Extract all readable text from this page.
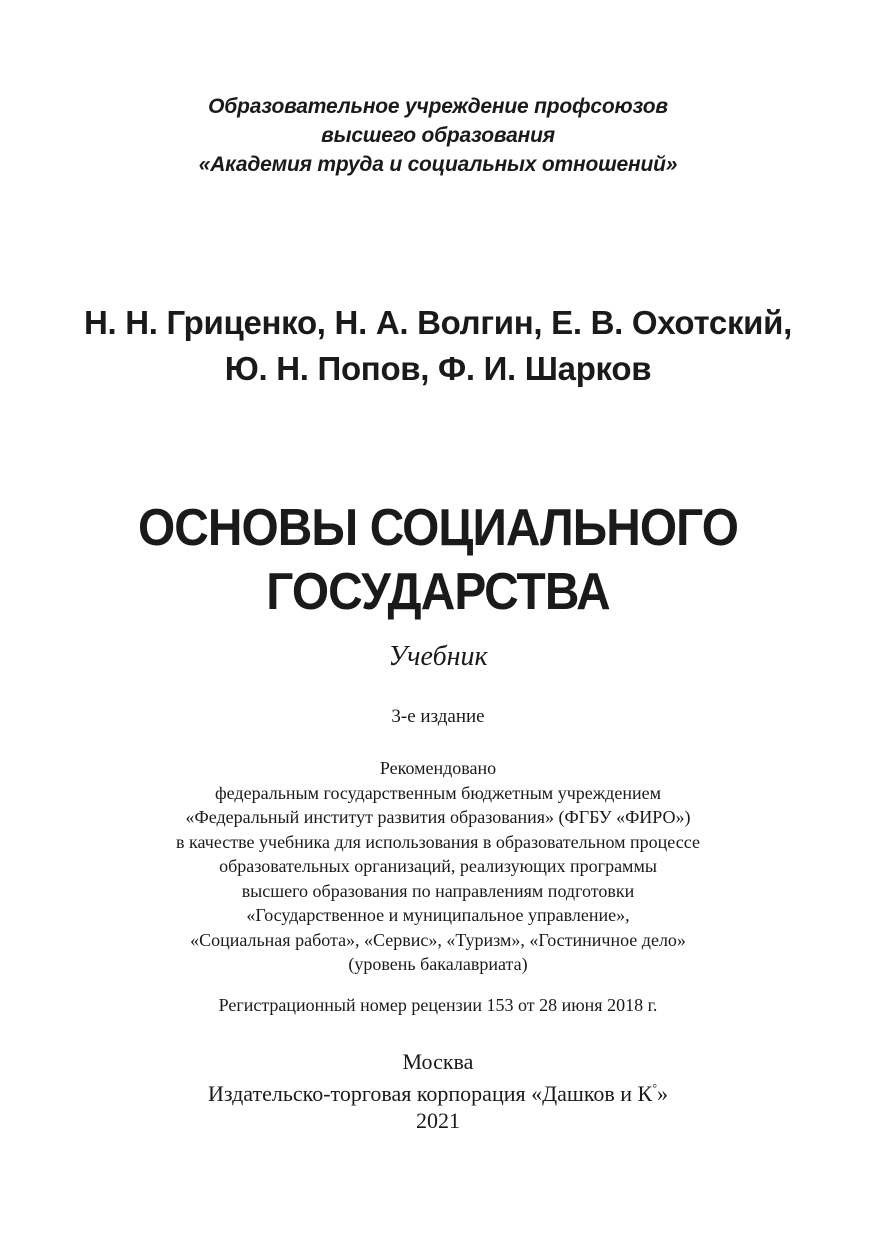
Образовательное учреждение профсоюзов
высшего образования
«Академия труда и социальных отношений»
Н. Н. Гриценко, Н. А. Волгин, Е. В. Охотский,
Ю. Н. Попов, Ф. И. Шарков
ОСНОВЫ СОЦИАЛЬНОГО
ГОСУДАРСТВА
Учебник
3-е издание
Рекомендовано
федеральным государственным бюджетным учреждением
«Федеральный институт развития образования» (ФГБУ «ФИРО»)
в качестве учебника для использования в образовательном процессе
образовательных организаций, реализующих программы
высшего образования по направлениям подготовки
«Государственное и муниципальное управление»,
«Социальная работа», «Сервис», «Туризм», «Гостиничное дело»
(уровень бакалавриата)
Регистрационный номер рецензии 153 от 28 июня 2018 г.
Москва
Издательско-торговая корпорация «Дашков и К°»
2021
